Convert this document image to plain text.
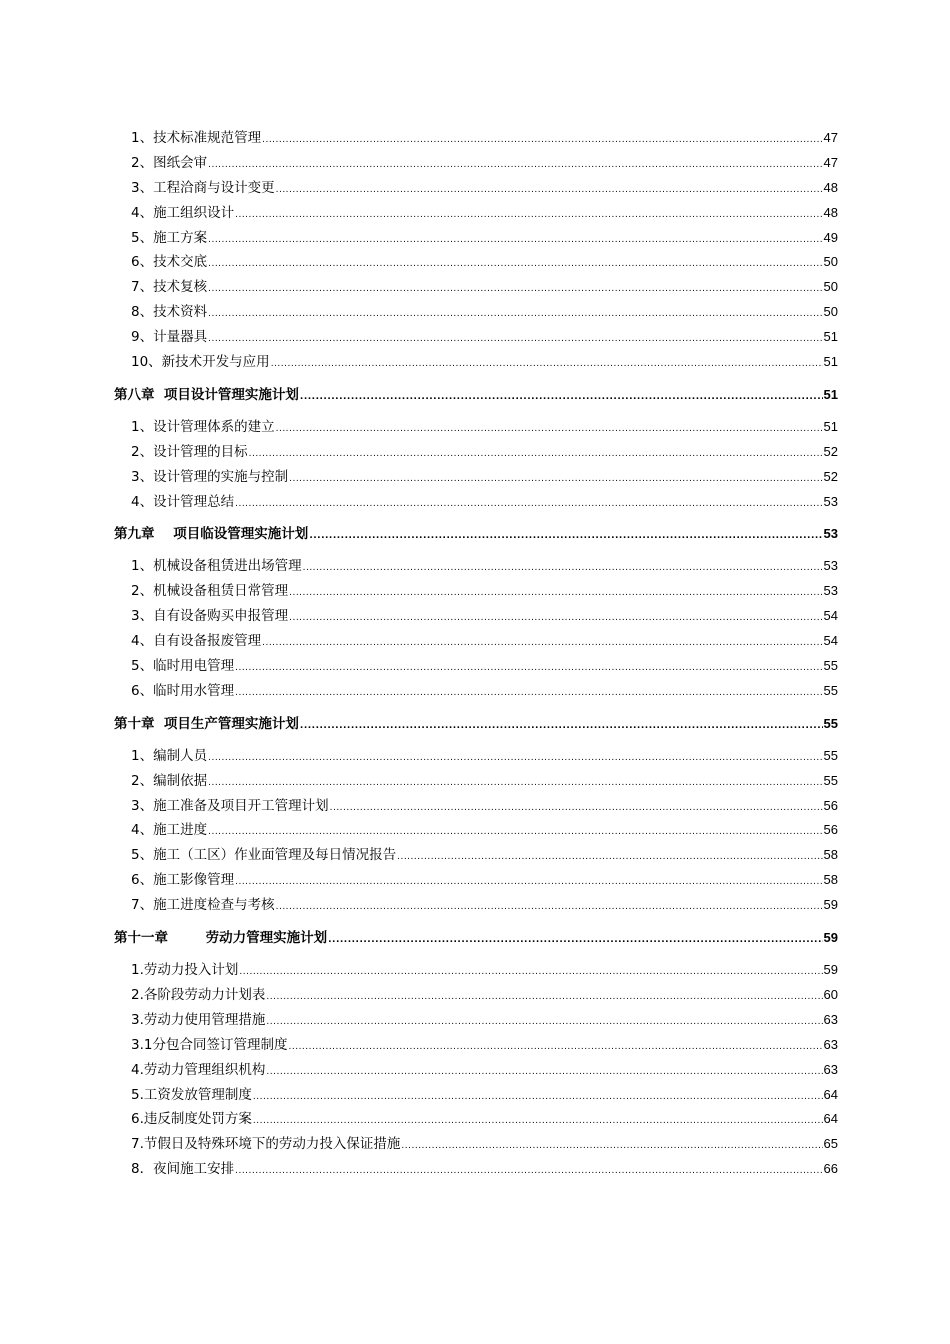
1、技术标准规范管理 .....	47
2、图纸会审 .....	47
3、工程洽商与设计变更 .....	48
4、施工组织设计 .....	48
5、施工方案 .....	49
6、技术交底 .....	50
7、技术复核 .....	50
8、技术资料 .....	50
9、计量器具 .....	51
10、新技术开发与应用 .....	51
第八章  项目设计管理实施计划 .....	51
1、设计管理体系的建立 .....	51
2、设计管理的目标 .....	52
3、设计管理的实施与控制 .....	52
4、设计管理总结 .....	53
第九章    项目临设管理实施计划 .....	53
1、机械设备租赁进出场管理 .....	53
2、机械设备租赁日常管理 .....	53
3、自有设备购买申报管理 .....	54
4、自有设备报废管理 .....	54
5、临时用电管理 .....	55
6、临时用水管理 .....	55
第十章  项目生产管理实施计划 .....	55
1、编制人员 .....	55
2、编制依据 .....	55
3、施工准备及项目开工管理计划 .....	56
4、施工进度 .....	56
5、施工（工区）作业面管理及每日情况报告 .....	58
6、施工影像管理 .....	58
7、施工进度检查与考核 .....	59
第十一章        劳动力管理实施计划 .....	59
1.劳动力投入计划 .....	59
2.各阶段劳动力计划表 .....	60
3.劳动力使用管理措施 .....	63
3.1分包合同签订管理制度 .....	63
4.劳动力管理组织机构 .....	63
5.工资发放管理制度 .....	64
6.违反制度处罚方案 .....	64
7.节假日及特殊环境下的劳动力投入保证措施 .....	65
8．夜间施工安排 .....	66
